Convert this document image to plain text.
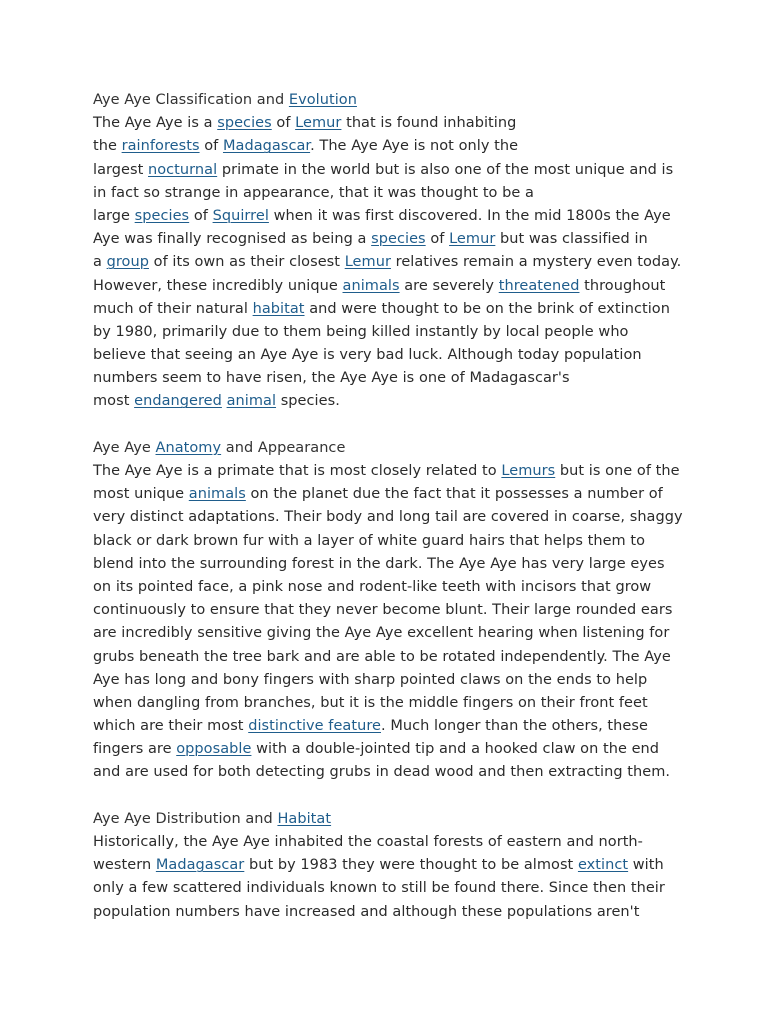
Aye Aye Classification and Evolution
The Aye Aye is a species of Lemur that is found inhabiting
the rainforests of Madagascar. The Aye Aye is not only the
largest nocturnal primate in the world but is also one of the most unique and is
in fact so strange in appearance, that it was thought to be a
large species of Squirrel when it was first discovered. In the mid 1800s the Aye
Aye was finally recognised as being a species of Lemur but was classified in
a group of its own as their closest Lemur relatives remain a mystery even today.
However, these incredibly unique animals are severely threatened throughout
much of their natural habitat and were thought to be on the brink of extinction
by 1980, primarily due to them being killed instantly by local people who
believe that seeing an Aye Aye is very bad luck. Although today population
numbers seem to have risen, the Aye Aye is one of Madagascar's
most endangered animal species.
Aye Aye Anatomy and Appearance
The Aye Aye is a primate that is most closely related to Lemurs but is one of the
most unique animals on the planet due the fact that it possesses a number of
very distinct adaptations. Their body and long tail are covered in coarse, shaggy
black or dark brown fur with a layer of white guard hairs that helps them to
blend into the surrounding forest in the dark. The Aye Aye has very large eyes
on its pointed face, a pink nose and rodent-like teeth with incisors that grow
continuously to ensure that they never become blunt. Their large rounded ears
are incredibly sensitive giving the Aye Aye excellent hearing when listening for
grubs beneath the tree bark and are able to be rotated independently. The Aye
Aye has long and bony fingers with sharp pointed claws on the ends to help
when dangling from branches, but it is the middle fingers on their front feet
which are their most distinctive feature. Much longer than the others, these
fingers are opposable with a double-jointed tip and a hooked claw on the end
and are used for both detecting grubs in dead wood and then extracting them.
Aye Aye Distribution and Habitat
Historically, the Aye Aye inhabited the coastal forests of eastern and north-
western Madagascar but by 1983 they were thought to be almost extinct with
only a few scattered individuals known to still be found there. Since then their
population numbers have increased and although these populations aren't
